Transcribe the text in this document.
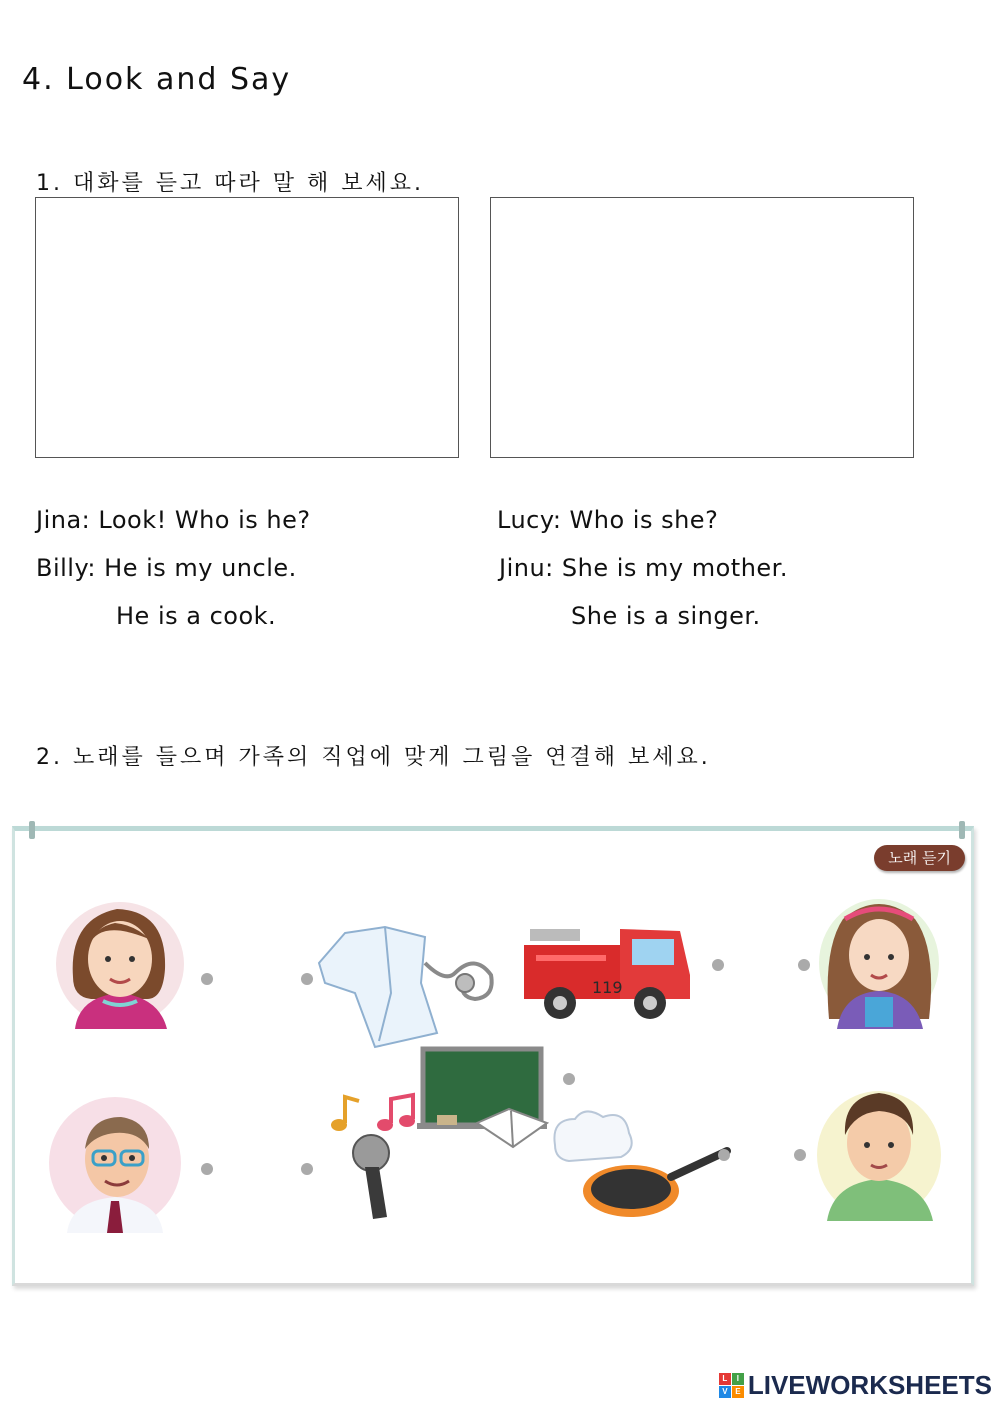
4. Look and Say
1. 대화를 듣고 따라 말 해 보세요.
Jina: Look! Who is he?
Billy: He is my uncle.
He is a cook.
Lucy: Who is she?
Jinu: She is my mother.
She is a singer.
2. 노래를 들으며 가족의 직업에 맞게 그림을 연결해 보세요.
노래 듣기
119
L	I
V E LIVEWORKSHEETS
